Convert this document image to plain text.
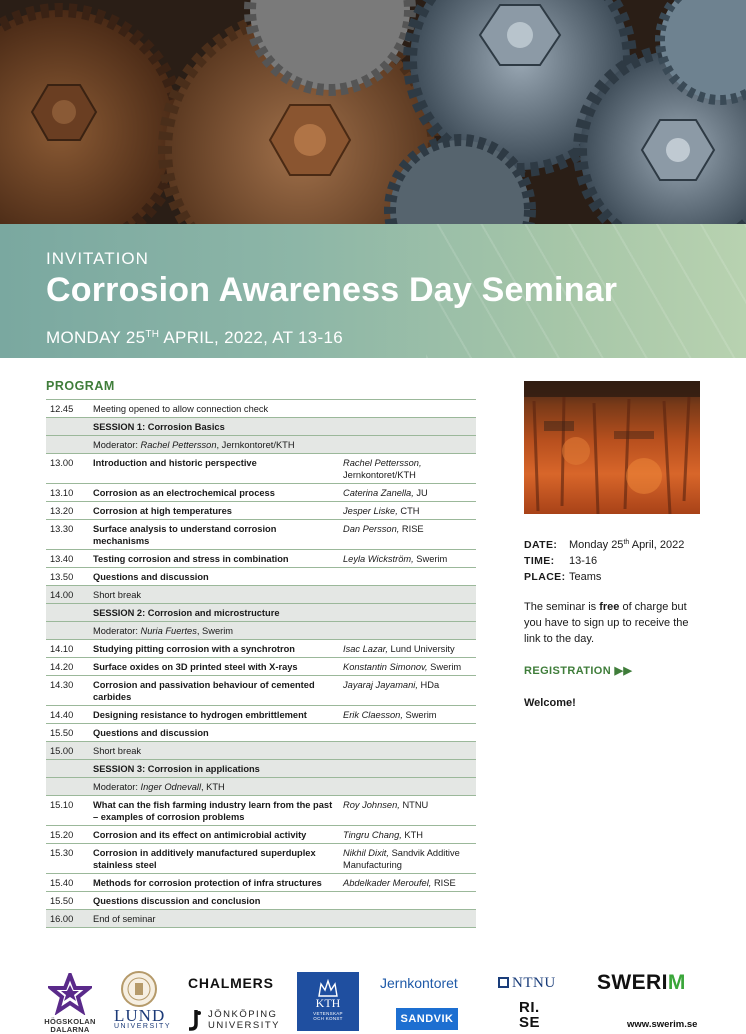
INVITATION
Corrosion Awareness Day Seminar
MONDAY 25TH APRIL, 2022, AT 13-16
PROGRAM
12.45	Meeting opened to allow connection check
SESSION 1: Corrosion Basics
Moderator: Rachel Pettersson, Jernkontoret/KTH
13.00	Introduction and historic perspective	Rachel Pettersson, Jernkontoret/KTH
13.10	Corrosion as an electrochemical process	Caterina Zanella, JU
13.20	Corrosion at high temperatures	Jesper Liske, CTH
13.30	Surface analysis to understand corrosion mechanisms
Dan Persson, RISE
13.40	Testing corrosion and stress in combination	Leyla Wickström, Swerim
13.50	Questions and discussion
14.00	Short break
SESSION 2: Corrosion and microstructure
Moderator: Nuria Fuertes, Swerim
14.10	Studying pitting corrosion with a synchrotron	Isac Lazar, Lund University
14.20	Surface oxides on 3D printed steel with X-rays	Konstantin Simonov, Swerim
14.30	Corrosion and passivation behaviour of cemented carbides
Jayaraj Jayamani, HDa
14.40	Designing resistance to hydrogen embrittlement	Erik Claesson, Swerim
15.50	Questions and discussion
15.00	Short break
SESSION 3: Corrosion in applications
Moderator: Inger Odnevall, KTH
15.10	What can the fish farming industry learn from the past – examples of corrosion problems
Roy Johnsen, NTNU
15.20	Corrosion and its effect on antimicrobial activity	Tingru Chang, KTH
15.30	Corrosion in additively manufactured superduplex stainless steel
Nikhil Dixit, Sandvik Additive Manufacturing
15.40	Methods for corrosion protection of infra structures	Abdelkader Meroufel, RISE
15.50	Questions discussion and conclusion
16.00	End of seminar
DATE: Monday 25th April, 2022
TIME: 13-16
PLACE: Teams
The seminar is free of charge but you have to sign up to receive the link to the day.
REGISTRATION ▶▶
Welcome!
HÖGSKOLAN
DALARNA
LUND
UNIVERSITY
CHALMERS
JÖNKÖPING
UNIVERSITY
KTH
VETENSKAP
OCH KONST
Jernkontoret
SANDVIK
NTNU
RI.
SE
SWERIM
www.swerim.se
